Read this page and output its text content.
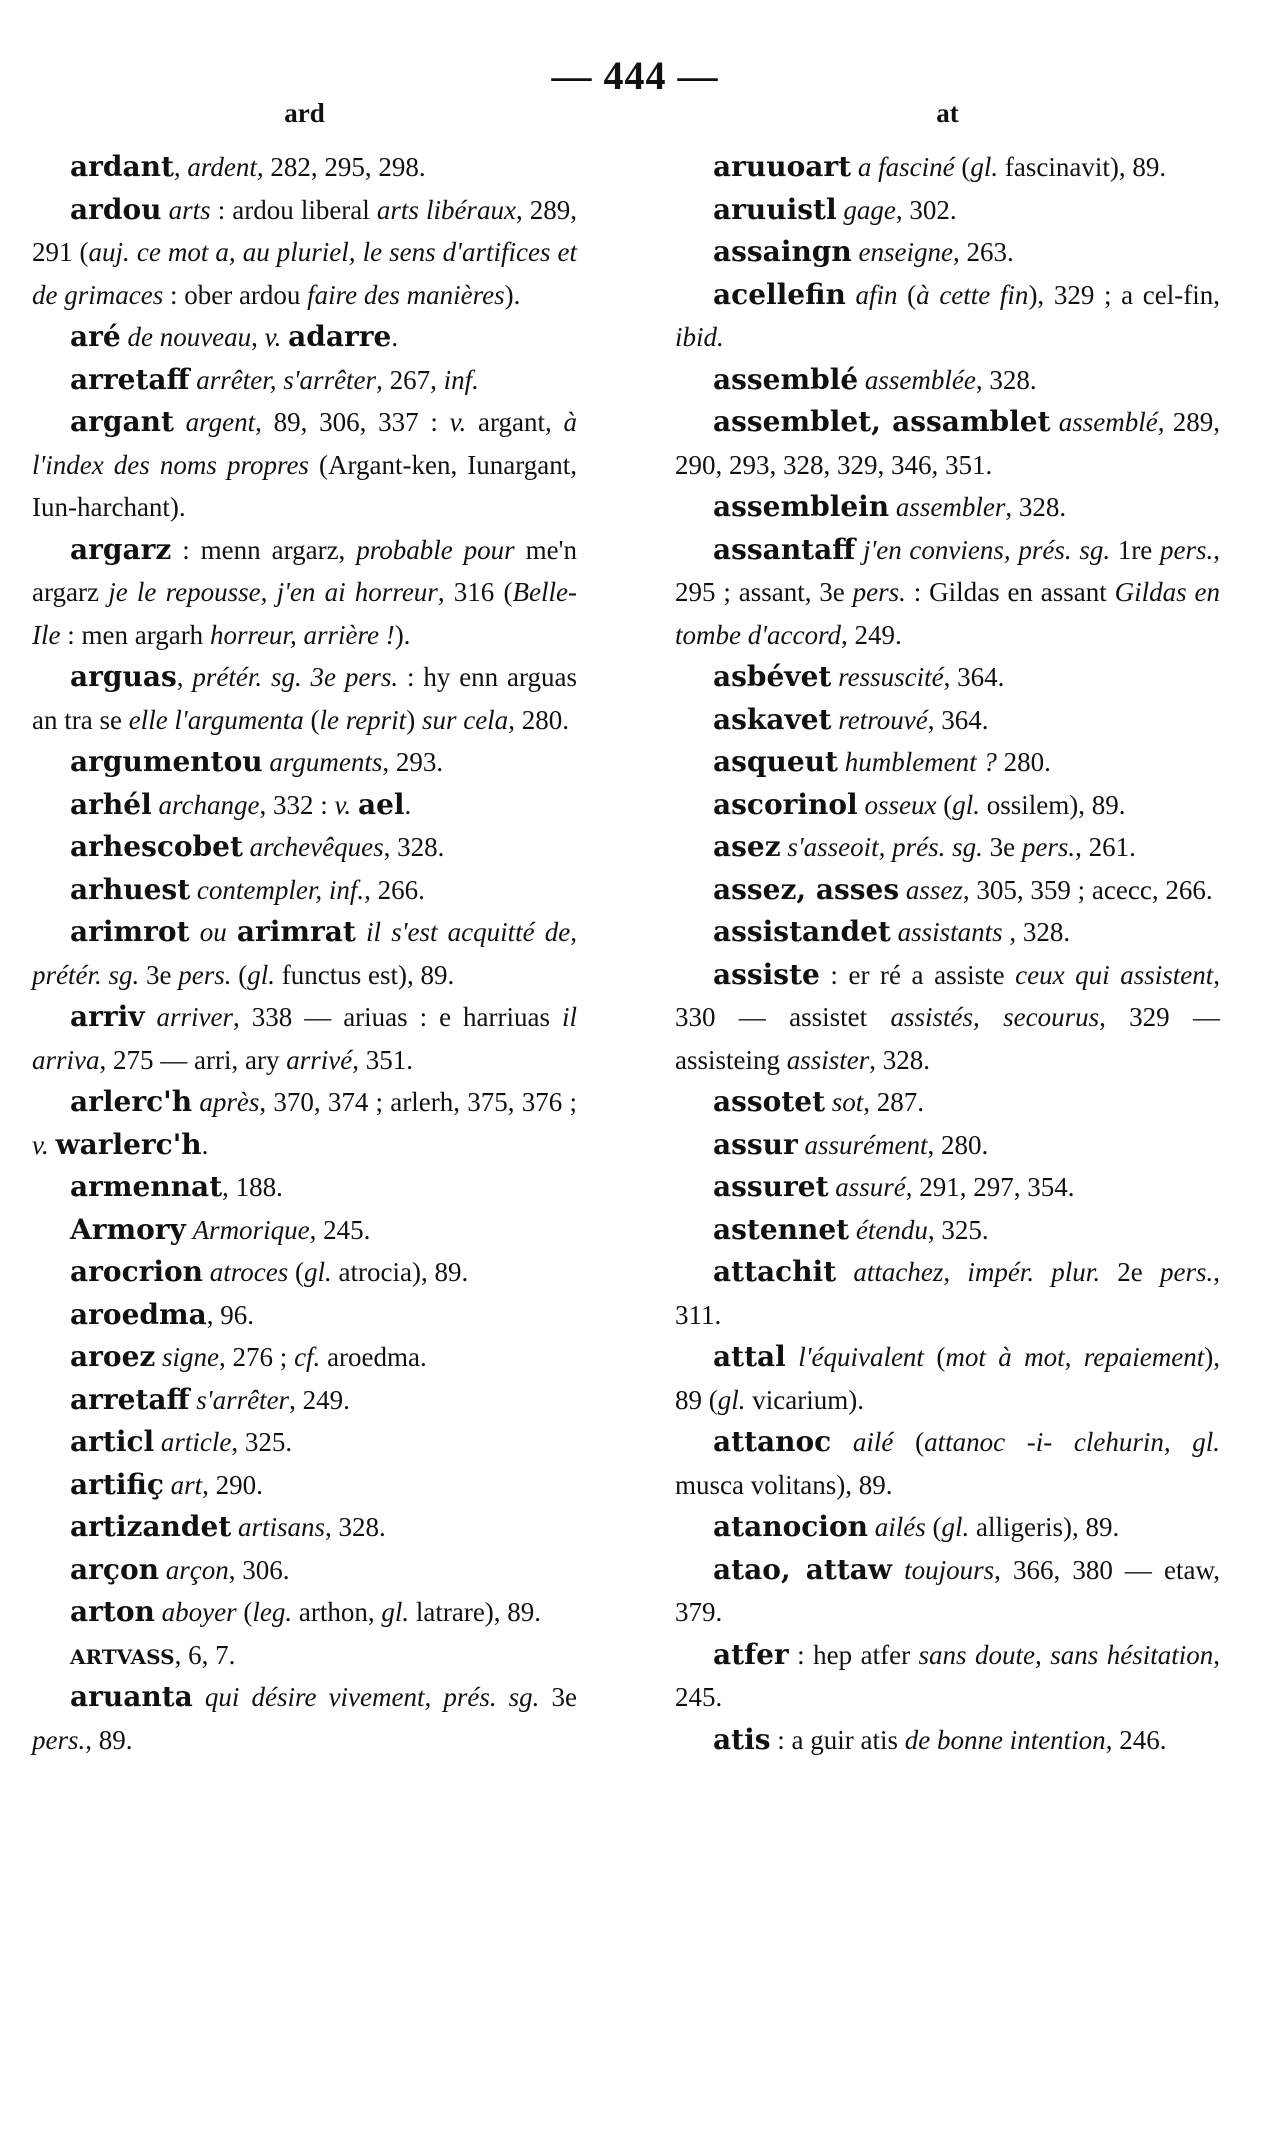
— 444 —
ard
ardant, ardent, 282, 295, 298.
ardou arts : ardou liberal arts libéraux, 289, 291 (auj. ce mot a, au pluriel, le sens d'artifices et de grimaces : ober ardou faire des manières).
aré de nouveau, v. adarre.
arretaff arrêter, s'arrêter, 267, inf.
argant argent, 89, 306, 337 : v. argant, à l'index des noms propres (Argant-ken, Iunargant, Iun-harchant).
argarz : menn argarz, probable pour me'n argarz je le repousse, j'en ai horreur, 316 (Belle-Ile : men argarh horreur, arrière !).
arguas, prétér. sg. 3e pers. : hy enn arguas an tra se elle l'argumenta (le reprit) sur cela, 280.
argumentou arguments, 293.
arhél archange, 332 : v. ael.
arhescobet archevêques, 328.
arhuest contempler, inf., 266.
arimrot ou arimrat il s'est acquitté de, prétér. sg. 3e pers. (gl. functus est), 89.
arriv arriver, 338 — ariuas : e harriuas il arriva, 275 — arri, ary arrivé, 351.
arlerc'h après, 370, 374 ; arlerh, 375, 376 ; v. warlerc'h.
armennat, 188.
Armory Armorique, 245.
arocrion atroces (gl. atrocia), 89.
aroedma, 96.
aroez signe, 276 ; cf. aroedma.
arretaff s'arrêter, 249.
articl article, 325.
artifiç art, 290.
artizandet artisans, 328.
arçon arçon, 306.
arton aboyer (leg. arthon, gl. latrare), 89.
artvass, 6, 7.
aruanta qui désire vivement, prés. sg. 3e pers., 89.
at
aruuoart a fasciné (gl. fascinavit), 89.
aruuistl gage, 302.
assaingn enseigne, 263.
acellefin afin (à cette fin), 329 ; a cel-fin, ibid.
assemblé assemblée, 328.
assemblet, assamblet assemblé, 289, 290, 293, 328, 329, 346, 351.
assemblein assembler, 328.
assantaff j'en conviens, prés. sg. 1re pers., 295 ; assant, 3e pers. : Gildas en assant Gildas en tombe d'accord, 249.
asbévet ressuscité, 364.
askavet retrouvé, 364.
asqueut humblement ? 280.
ascorinol osseux (gl. ossilem), 89.
asez s'asseoit, prés. sg. 3e pers., 261.
assez, asses assez, 305, 359 ; acecc, 266.
assistandet assistants , 328.
assiste : er ré a assiste ceux qui assistent, 330 — assistet assistés, secourus, 329 — assisteing assister, 328.
assotet sot, 287.
assur assurément, 280.
assuret assuré, 291, 297, 354.
astennet étendu, 325.
attachit attachez, impér. plur. 2e pers., 311.
attal l'équivalent (mot à mot, repaiement), 89 (gl. vicarium).
attanoc ailé (attanoc -i- clehurin, gl. musca volitans), 89.
atanocion ailés (gl. alligeris), 89.
atao, attaw toujours, 366, 380 — etaw, 379.
atfer : hep atfer sans doute, sans hésitation, 245.
atis : a guir atis de bonne intention, 246.
